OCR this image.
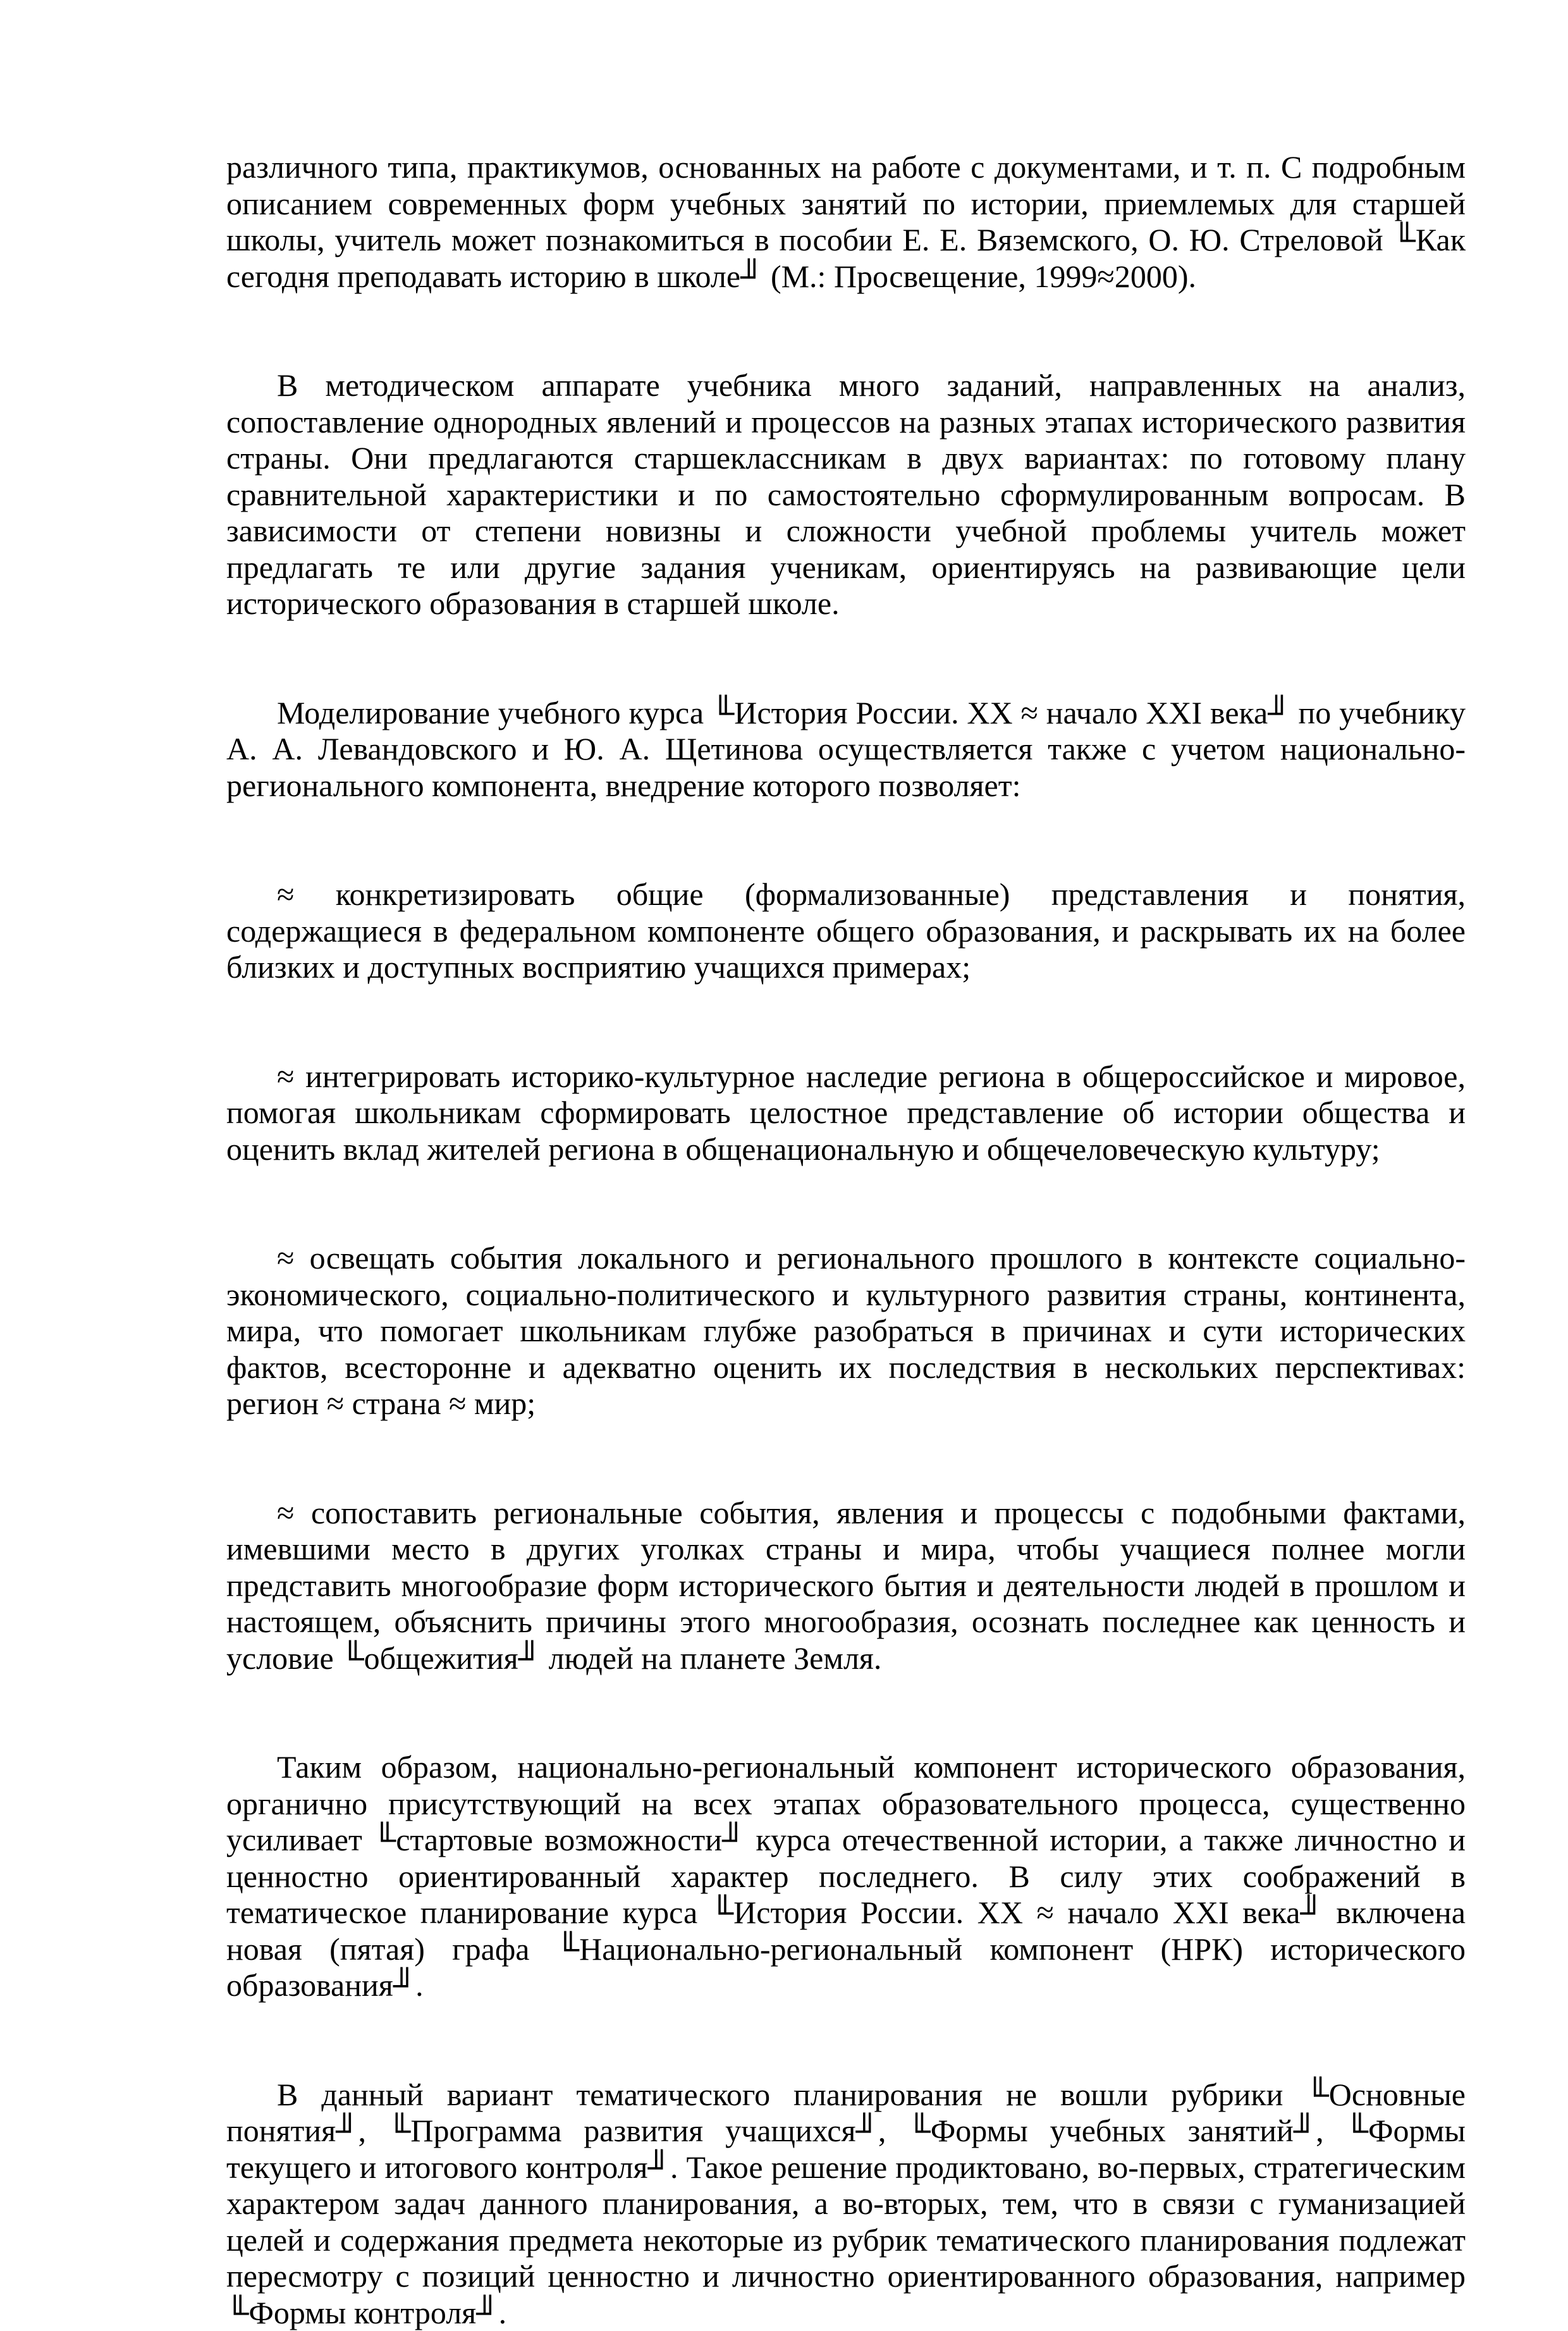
различного типа, практикумов, основанных на работе с документами, и т. п. С подробным описанием современных форм учебных занятий по истории, приемлемых для старшей школы, учитель может познакомиться в пособии Е. Е. Вяземского, О. Ю. Стреловой ╙Как сегодня преподавать историю в школе╜ (М.: Просвещение, 1999≈2000).

В методическом аппарате учебника много заданий, направленных на анализ, сопоставление однородных явлений и процессов на разных этапах исторического развития страны. Они предлагаются старшеклассникам в двух вариантах: по готовому плану сравнительной характеристики и по самостоятельно сформулированным вопросам. В зависимости от степени новизны и сложности учебной проблемы учитель может предлагать те или другие задания ученикам, ориентируясь на развивающие цели исторического образования в старшей школе.

Моделирование учебного курса ╙История России. XX ≈ начало XXI века╜ по учебнику А. А. Левандовского и Ю. А. Щетинова осуществляется также с учетом национально-регионального компонента, внедрение которого позволяет:

≈ конкретизировать общие (формализованные) представления и понятия, содержащиеся в федеральном компоненте общего образования, и раскрывать их на более близких и доступных восприятию учащихся примерах;

≈ интегрировать историко-культурное наследие региона в общероссийское и мировое, помогая школьникам сформировать целостное представление об истории общества и оценить вклад жителей региона в общенациональную и общечеловеческую культуру;

≈ освещать события локального и регионального прошлого в контексте социально-экономического, социально-политического и культурного развития страны, континента, мира, что помогает школьникам глубже разобраться в причинах и сути исторических фактов, всесторонне и адекватно оценить их последствия в нескольких перспективах: регион ≈ страна ≈ мир;

≈ сопоставить региональные события, явления и процессы с подобными фактами, имевшими место в других уголках страны и мира, чтобы учащиеся полнее могли представить многообразие форм исторического бытия и деятельности людей в прошлом и настоящем, объяснить причины этого многообразия, осознать последнее как ценность и условие ╙общежития╜ людей на планете Земля.

Таким образом, национально-региональный компонент исторического образования, органично присутствующий на всех этапах образовательного процесса, существенно усиливает ╙стартовые возможности╜ курса отечественной истории, а также личностно и ценностно ориентированный характер последнего. В силу этих соображений в тематическое планирование курса ╙История России. XX ≈ начало XXI века╜ включена новая (пятая) графа ╙Национально-региональный компонент (НРК) исторического образования╜.

В данный вариант тематического планирования не вошли рубрики ╙Основные понятия╜, ╙Программа развития учащихся╜, ╙Формы учебных занятий╜, ╙Формы текущего и итогового контроля╜. Такое решение продиктовано, во-первых, стратегическим характером задач данного планирования, а во-вторых, тем, что в связи с гуманизацией целей и содержания предмета некоторые из рубрик тематического планирования подлежат пересмотру с позиций ценностно и личностно ориентированного образования, например ╙Формы контроля╜.
